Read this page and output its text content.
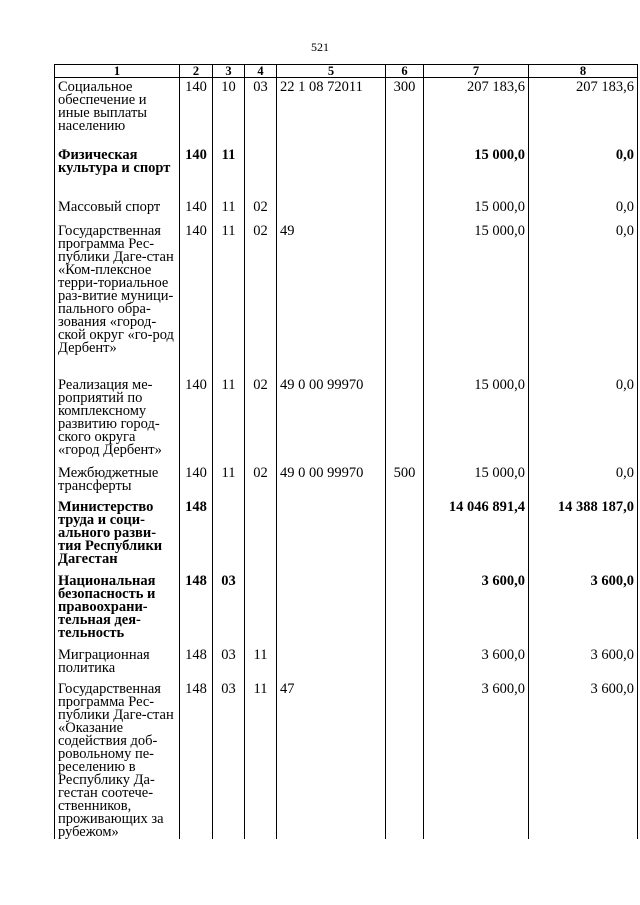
521
1	2	3	4	5	6	7	8
Социальное обеспечение и иные выплаты населению	140	10	03	22 1 08 72011	300	207 183,6	207 183,6
Физическая культура и спорт	140	11				15 000,0	0,0
Массовый спорт	140	11	02			15 000,0	0,0
Государственная программа Рес-публики Даге-стан «Ком-плексное терри-ториальное раз-витие муници-пального обра-зования «город-ской округ «го-род Дербент»	140	11	02	49		15 000,0	0,0
Реализация ме-роприятий по комплексному развитию город-ского округа «город Дербент»	140	11	02	49 0 00 99970		15 000,0	0,0
Межбюджетные трансферты	140	11	02	49 0 00 99970	500	15 000,0	0,0
Министерство труда и соци-ального разви-тия Республики Дагестан	148					14 046 891,4	14 388 187,0
Национальная безопасность и правоохрани-тельная дея-тельность	148	03				3 600,0	3 600,0
Миграционная политика	148	03	11			3 600,0	3 600,0
Государственная программа Рес-публики Даге-стан «Оказание содействия доб-ровольному пе-реселению в Республику Да-гестан соотече-ственников, проживающих за рубежом»	148	03	11	47		3 600,0	3 600,0
